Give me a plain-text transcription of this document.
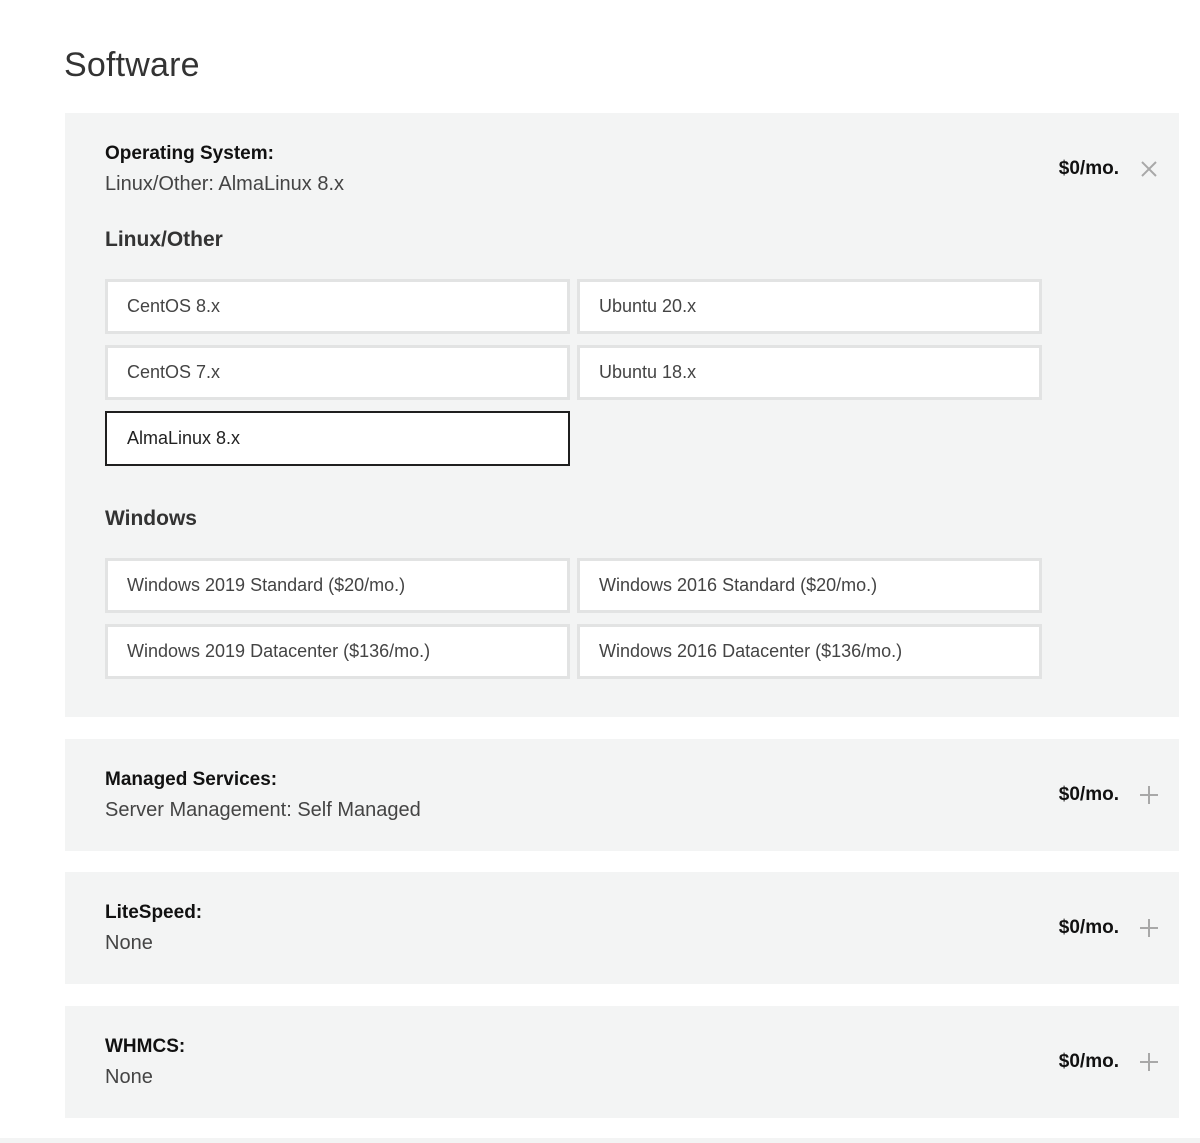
Software
Operating System:
Linux/Other: AlmaLinux 8.x
$0/mo.
Linux/Other
CentOS 8.x	Ubuntu 20.x
CentOS 7.x	Ubuntu 18.x
AlmaLinux 8.x
Windows
Windows 2019 Standard ($20/mo.)	Windows 2016 Standard ($20/mo.)
Windows 2019 Datacenter ($136/mo.)	Windows 2016 Datacenter ($136/mo.)
Managed Services:
Server Management: Self Managed
$0/mo.
LiteSpeed:
None
$0/mo.
WHMCS:
None
$0/mo.
